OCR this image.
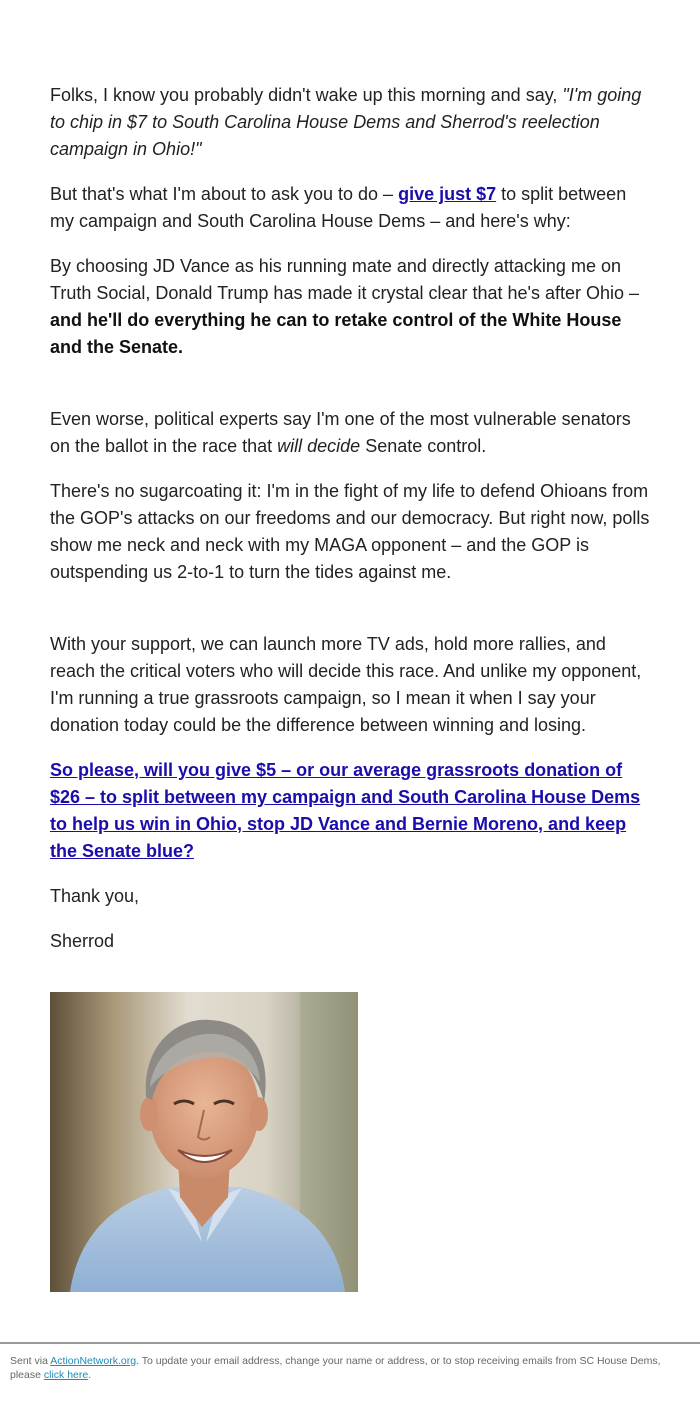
Folks, I know you probably didn't wake up this morning and say, "I'm going to chip in $7 to South Carolina House Dems and Sherrod's reelection campaign in Ohio!"

But that's what I'm about to ask you to do – give just $7 to split between my campaign and South Carolina House Dems – and here's why:

By choosing JD Vance as his running mate and directly attacking me on Truth Social, Donald Trump has made it crystal clear that he's after Ohio – and he'll do everything he can to retake control of the White House and the Senate.

Even worse, political experts say I'm one of the most vulnerable senators on the ballot in the race that will decide Senate control.

There's no sugarcoating it: I'm in the fight of my life to defend Ohioans from the GOP's attacks on our freedoms and our democracy. But right now, polls show me neck and neck with my MAGA opponent – and the GOP is outspending us 2-to-1 to turn the tides against me.

With your support, we can launch more TV ads, hold more rallies, and reach the critical voters who will decide this race. And unlike my opponent, I'm running a true grassroots campaign, so I mean it when I say your donation today could be the difference between winning and losing.

So please, will you give $5 – or our average grassroots donation of $26 – to split between my campaign and South Carolina House Dems to help us win in Ohio, stop JD Vance and Bernie Moreno, and keep the Senate blue?

Thank you,

Sherrod

Sent via ActionNetwork.org. To update your email address, change your name or address, or to stop receiving emails from SC House Dems, please click here.
